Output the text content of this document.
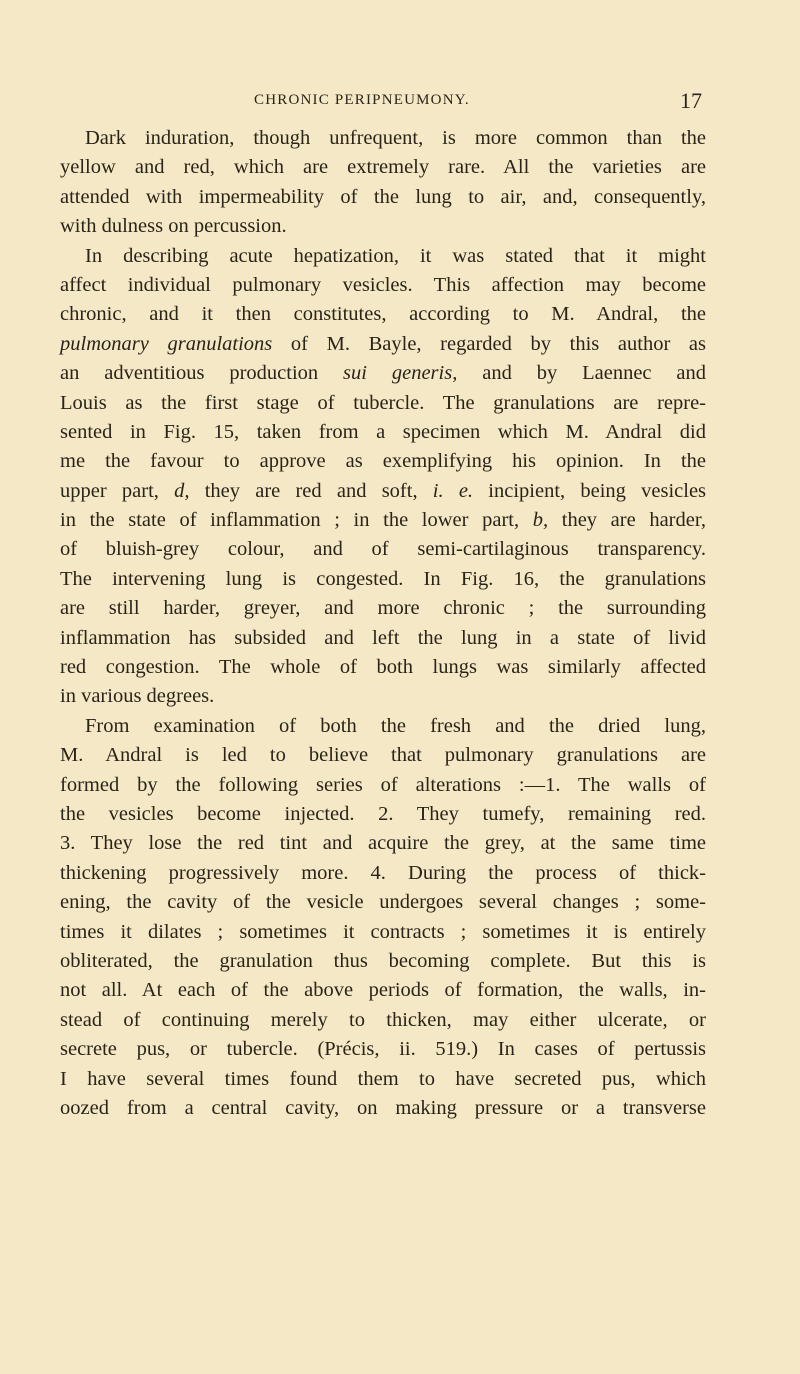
CHRONIC PERIPNEUMONY.	17
Dark induration, though unfrequent, is more common than the
yellow and red, which are extremely rare. All the varieties are
attended with impermeability of the lung to air, and, consequently,
with dulness on percussion.
In describing acute hepatization, it was stated that it might
affect individual pulmonary vesicles. This affection may become
chronic, and it then constitutes, according to M. Andral, the
pulmonary granulations of M. Bayle, regarded by this author as
an adventitious production sui generis, and by Laennec and
Louis as the first stage of tubercle. The granulations are repre-
sented in Fig. 15, taken from a specimen which M. Andral did
me the favour to approve as exemplifying his opinion. In the
upper part, d, they are red and soft, i. e. incipient, being vesicles
in the state of inflammation ; in the lower part, b, they are harder,
of bluish-grey colour, and of semi-cartilaginous transparency.
The intervening lung is congested. In Fig. 16, the granulations
are still harder, greyer, and more chronic ; the surrounding
inflammation has subsided and left the lung in a state of livid
red congestion. The whole of both lungs was similarly affected
in various degrees.
From examination of both the fresh and the dried lung,
M. Andral is led to believe that pulmonary granulations are
formed by the following series of alterations :—1. The walls of
the vesicles become injected. 2. They tumefy, remaining red.
3. They lose the red tint and acquire the grey, at the same time
thickening progressively more. 4. During the process of thick-
ening, the cavity of the vesicle undergoes several changes ; some-
times it dilates ; sometimes it contracts ; sometimes it is entirely
obliterated, the granulation thus becoming complete. But this is
not all. At each of the above periods of formation, the walls, in-
stead of continuing merely to thicken, may either ulcerate, or
secrete pus, or tubercle. (Précis, ii. 519.) In cases of pertussis
I have several times found them to have secreted pus, which
oozed from a central cavity, on making pressure or a transverse
